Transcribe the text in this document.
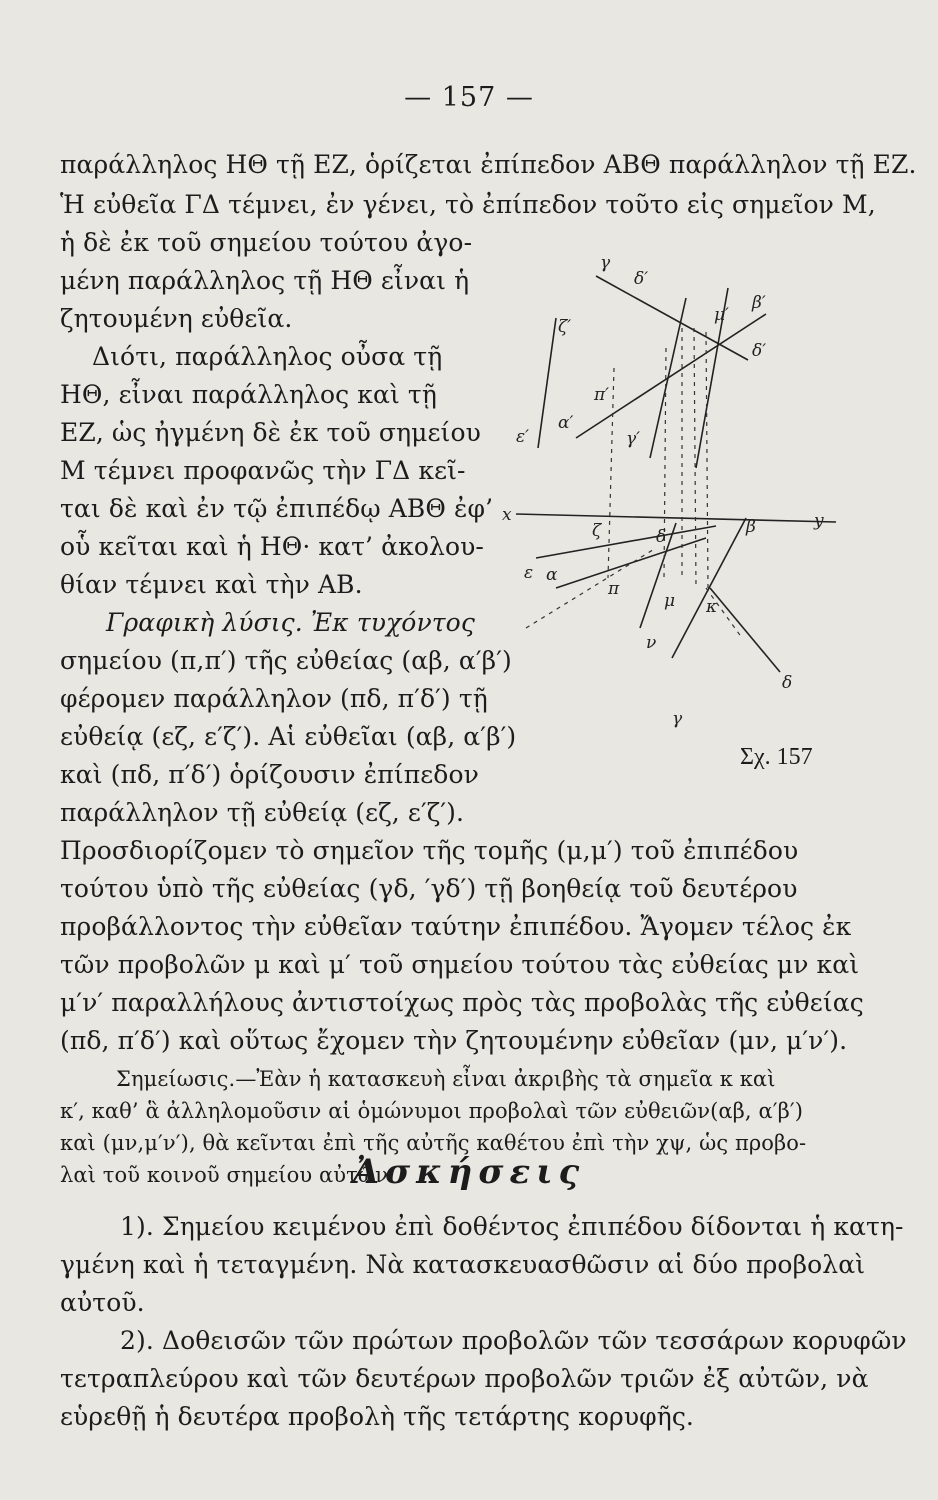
— 157 —
παράλληλος ΗΘ τῇ ΕΖ, ὁρίζεται ἐπίπεδον ΑΒΘ παράλληλον τῇ ΕΖ.
Ἡ εὐθεῖα ΓΔ τέμνει, ἐν γένει, τὸ ἐπίπεδον τοῦτο εἰς σημεῖον Μ,
ἡ δὲ ἐκ τοῦ σημείου τούτου ἀγο-
μένη παράλληλος τῇ ΗΘ εἶναι ἡ
ζητουμένη εὐθεῖα.
Διότι, παράλληλος οὖσα τῇ
ΗΘ, εἶναι παράλληλος καὶ τῇ
ΕΖ, ὡς ἠγμένη δὲ ἐκ τοῦ σημείου
Μ τέμνει προφανῶς τὴν ΓΔ κεῖ-
ται δὲ καὶ ἐν τῷ ἐπιπέδῳ ΑΒΘ ἐφ’
οὗ κεῖται καὶ ἡ ΗΘ· κατ’ ἀκολου-
θίαν τέμνει καὶ τὴν ΑΒ.
Γραφικὴ λύσις. Ἐκ τυχόντος
σημείου (π,π′) τῆς εὐθείας (αβ, α′β′)
φέρομεν παράλληλον (πδ, π′δ′) τῇ
εὐθείᾳ (εζ, ε′ζ′). Αἱ εὐθεῖαι (αβ, α′β′)
καὶ (πδ, π′δ′) ὁρίζουσιν ἐπίπεδον
παράλληλον τῇ εὐθείᾳ (εζ, ε′ζ′).
Προσδιορίζομεν τὸ σημεῖον τῆς τομῆς (μ,μ′) τοῦ ἐπιπέδου
τούτου ὑπὸ τῆς εὐθείας (γδ, ′γδ′) τῇ βοηθείᾳ τοῦ δευτέρου
προβάλλοντος τὴν εὐθεῖαν ταύτην ἐπιπέδου. Ἄγομεν τέλος ἐκ
τῶν προβολῶν μ καὶ μ′ τοῦ σημείου τούτου τὰς εὐθείας μν καὶ
μ′ν′ παραλλήλους ἀντιστοίχως πρὸς τὰς προβολὰς τῆς εὐθείας
(πδ, π′δ′) καὶ οὕτως ἔχομεν τὴν ζητουμένην εὐθεῖαν (μν, μ′ν′).
Σημείωσις.—Ἐὰν ἡ κατασκευὴ εἶναι ἀκριβὴς τὰ σημεῖα κ καὶ
κ′, καθ’ ἃ ἀλληλομοῦσιν αἱ ὁμώνυμοι προβολαὶ τῶν εὐθειῶν(αβ, α′β′)
καὶ (μν,μ′ν′), θὰ κεῖνται ἐπὶ τῆς αὐτῆς καθέτου ἐπὶ τὴν χψ, ὡς προβο-
λαὶ τοῦ κοινοῦ σημείου αὐτῶν.
Ἀσκήσεις
1). Σημείου κειμένου ἐπὶ δοθέντος ἐπιπέδου δίδονται ἡ κατη-
γμένη καὶ ἡ τεταγμένη. Νὰ κατασκευασθῶσιν αἱ δύο προβολαὶ
αὐτοῦ.
2). Δοθεισῶν τῶν πρώτων προβολῶν τῶν τεσσάρων κορυφῶν
τετραπλεύρου καὶ τῶν δευτέρων προβολῶν τριῶν ἐξ αὐτῶν, νὰ
εὑρεθῇ ἡ δευτέρα προβολὴ τῆς τετάρτης κορυφῆς.
γ
δ′
β′
ζ′
μ′
δ′
ε′
α′
π′
γ′
x
ζ	δ	β	y
ε α
π
μ κ
ν
δ
γ
Σχ. 157
